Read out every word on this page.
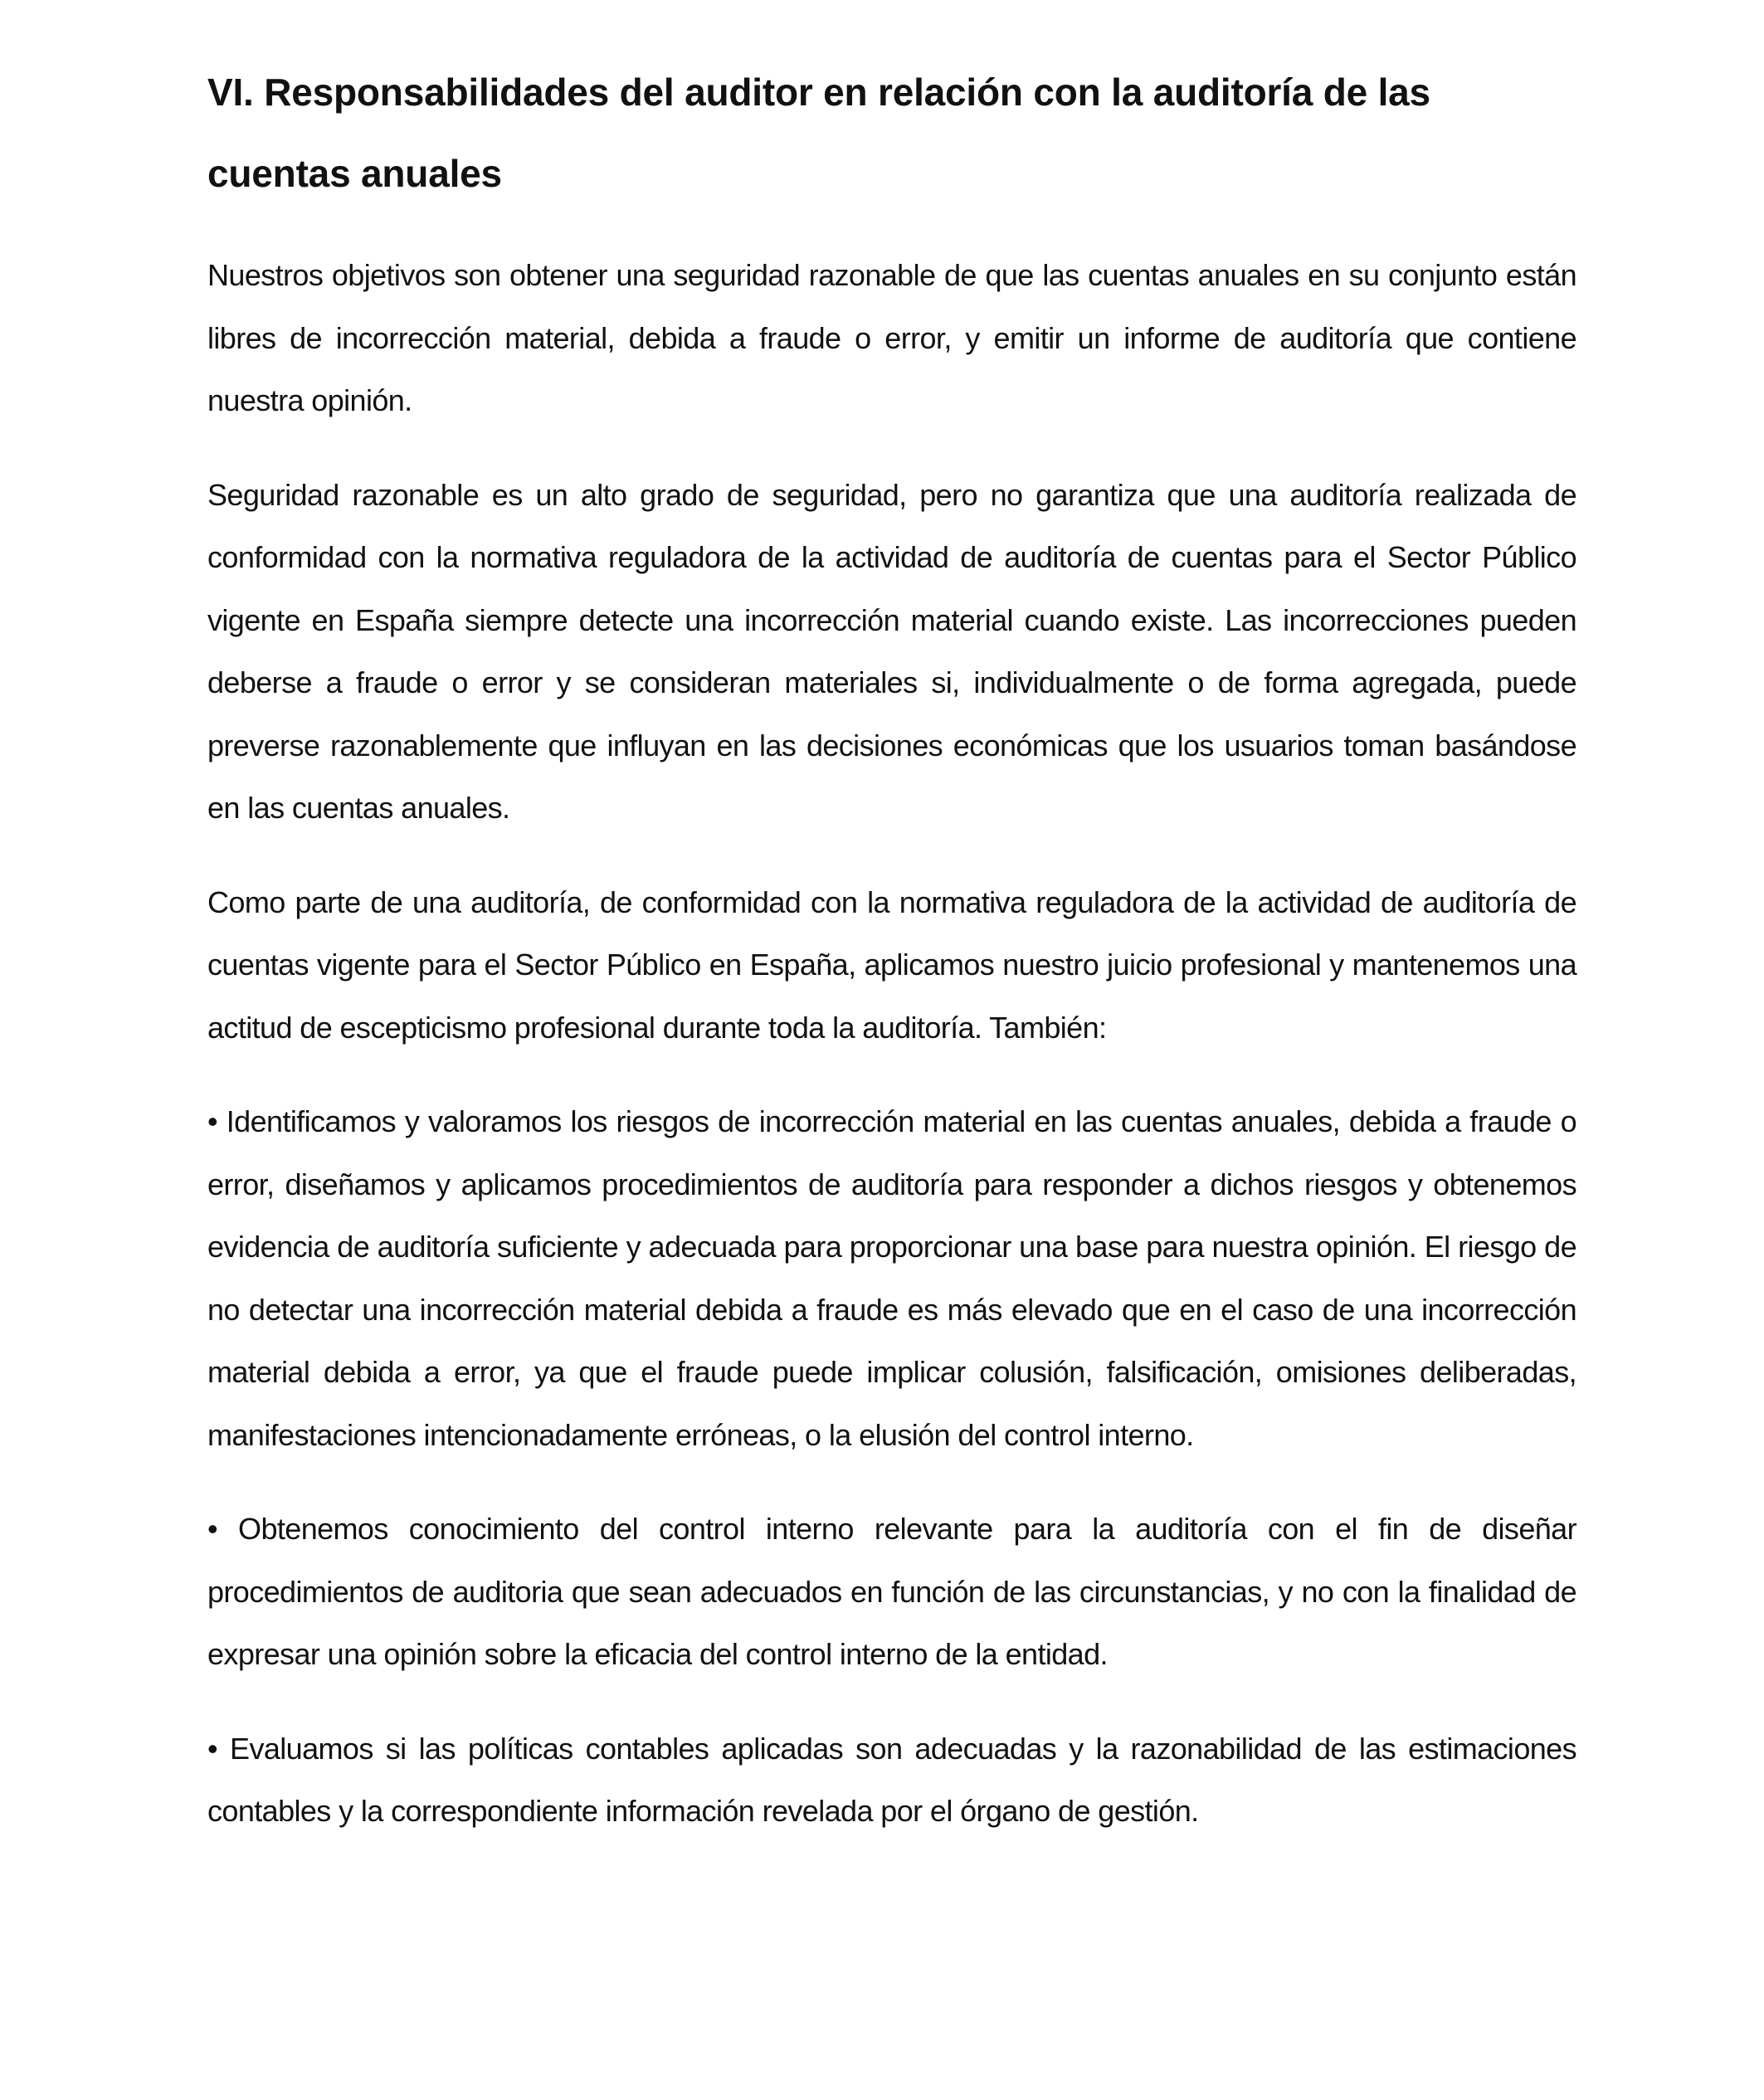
VI. Responsabilidades del auditor en relación con la auditoría de las cuentas anuales

Nuestros objetivos son obtener una seguridad razonable de que las cuentas anuales en su conjunto están libres de incorrección material, debida a fraude o error, y emitir un informe de auditoría que contiene nuestra opinión.

Seguridad razonable es un alto grado de seguridad, pero no garantiza que una auditoría realizada de conformidad con la normativa reguladora de la actividad de auditoría de cuentas para el Sector Público vigente en España siempre detecte una incorrección material cuando existe. Las incorrecciones pueden deberse a fraude o error y se consideran materiales si, individualmente o de forma agregada, puede preverse razonablemente que influyan en las decisiones económicas que los usuarios toman basándose en las cuentas anuales.

Como parte de una auditoría, de conformidad con la normativa reguladora de la actividad de auditoría de cuentas vigente para el Sector Público en España, aplicamos nuestro juicio profesional y mantenemos una actitud de escepticismo profesional durante toda la auditoría. También:

• Identificamos y valoramos los riesgos de incorrección material en las cuentas anuales, debida a fraude o error, diseñamos y aplicamos procedimientos de auditoría para responder a dichos riesgos y obtenemos evidencia de auditoría suficiente y adecuada para proporcionar una base para nuestra opinión. El riesgo de no detectar una incorrección material debida a fraude es más elevado que en el caso de una incorrección material debida a error, ya que el fraude puede implicar colusión, falsificación, omisiones deliberadas, manifestaciones intencionadamente erróneas, o la elusión del control interno.

• Obtenemos conocimiento del control interno relevante para la auditoría con el fin de diseñar procedimientos de auditoria que sean adecuados en función de las circunstancias, y no con la finalidad de expresar una opinión sobre la eficacia del control interno de la entidad.

• Evaluamos si las políticas contables aplicadas son adecuadas y la razonabilidad de las estimaciones contables y la correspondiente información revelada por el órgano de gestión.
